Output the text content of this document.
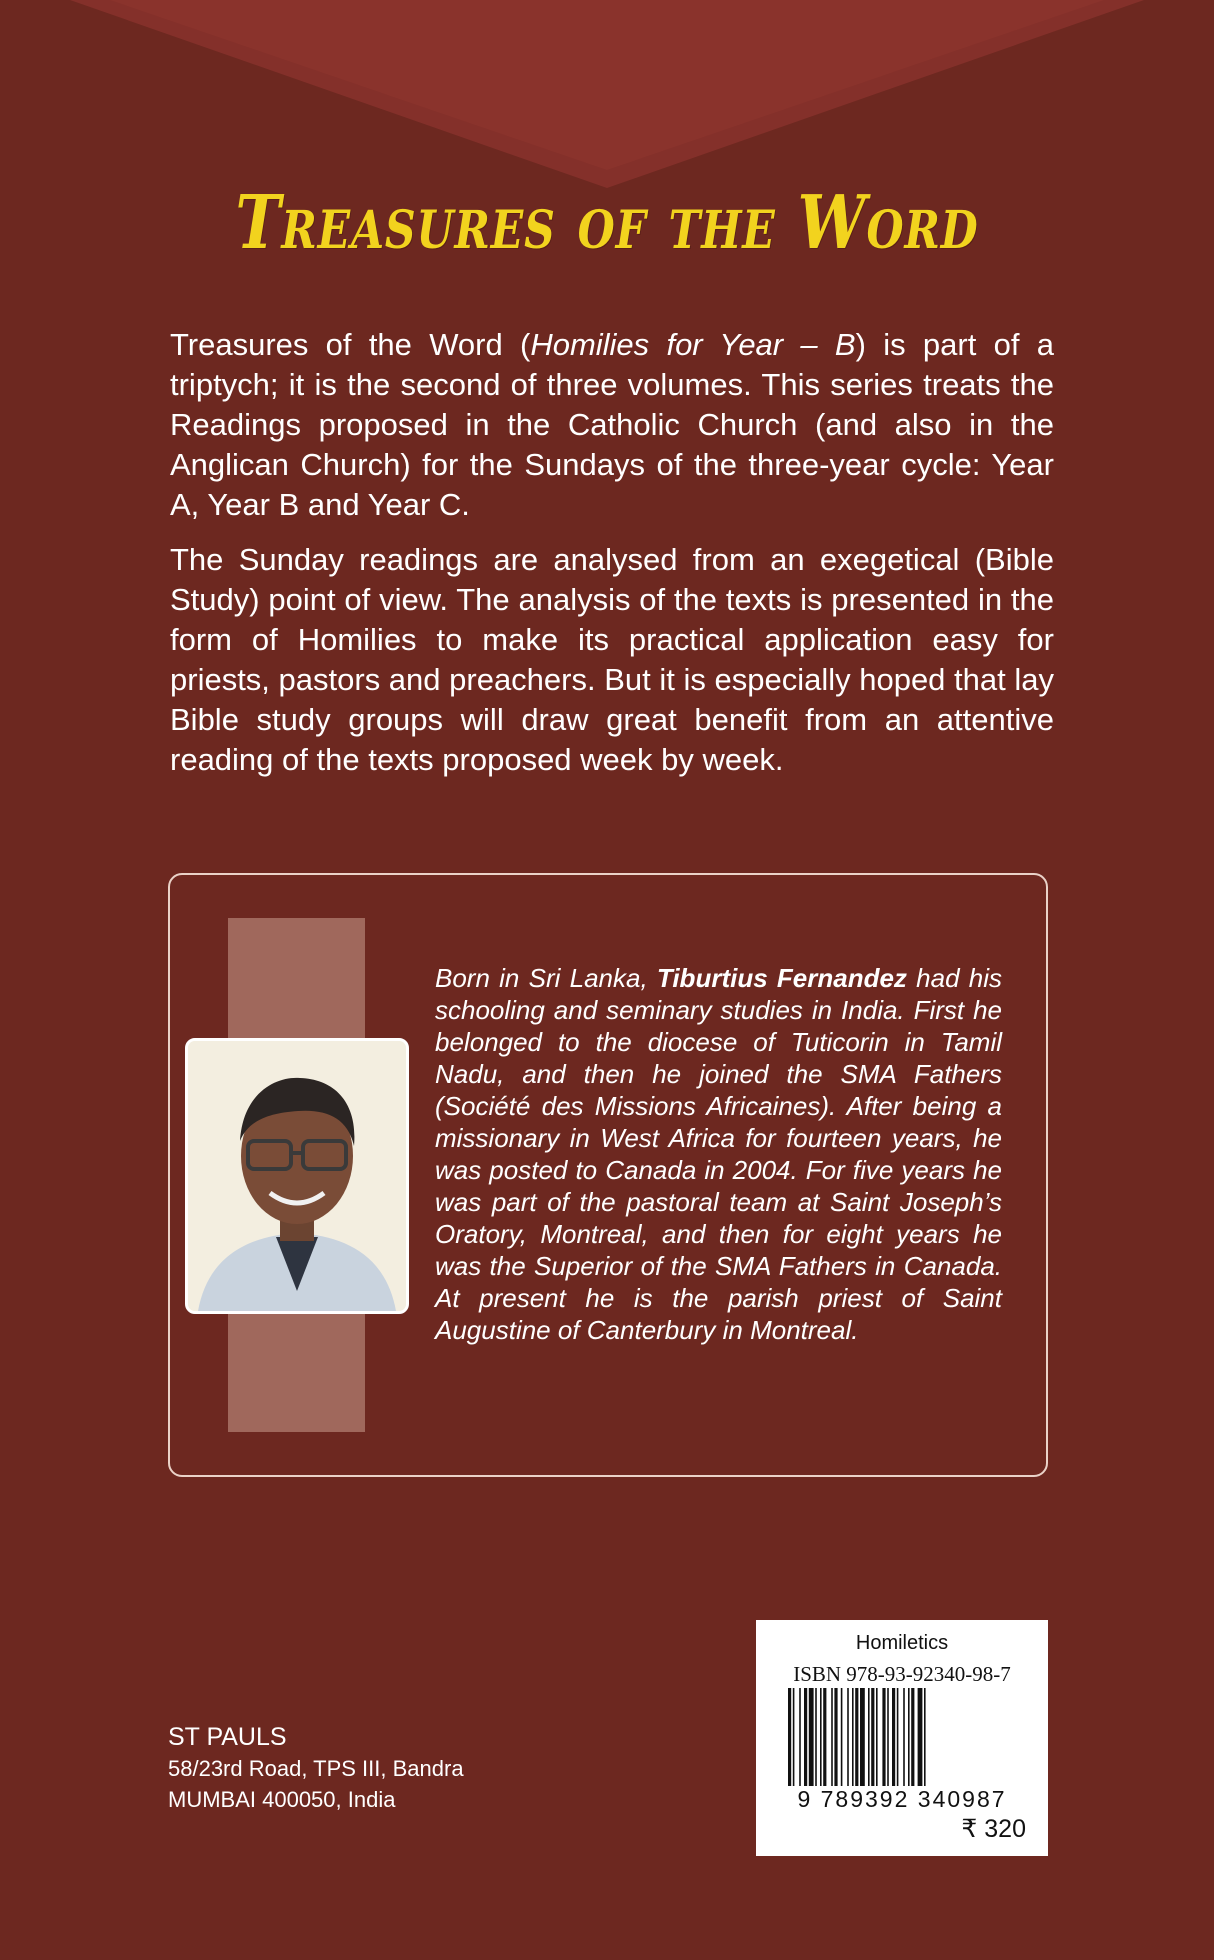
Treasures of the Word

Treasures of the Word (Homilies for Year – B) is part of a triptych; it is the second of three volumes. This series treats the Readings proposed in the Catholic Church (and also in the Anglican Church) for the Sundays of the three-year cycle: Year A, Year B and Year C.

The Sunday readings are analysed from an exegetical (Bible Study) point of view. The analysis of the texts is presented in the form of Homilies to make its practical application easy for priests, pastors and preachers. But it is especially hoped that lay Bible study groups will draw great benefit from an attentive reading of the texts proposed week by week.

Born in Sri Lanka, Tiburtius Fernandez had his schooling and seminary studies in India. First he belonged to the diocese of Tuticorin in Tamil Nadu, and then he joined the SMA Fathers (Société des Missions Africaines). After being a missionary in West Africa for fourteen years, he was posted to Canada in 2004. For five years he was part of the pastoral team at Saint Joseph’s Oratory, Montreal, and then for eight years he was the Superior of the SMA Fathers in Canada. At present he is the parish priest of Saint Augustine of Canterbury in Montreal.

Homiletics
ISBN 978-93-92340-98-7
9 789392 340987
₹ 320
ST PAULS
58/23rd Road, TPS III, Bandra
MUMBAI 400050, India
